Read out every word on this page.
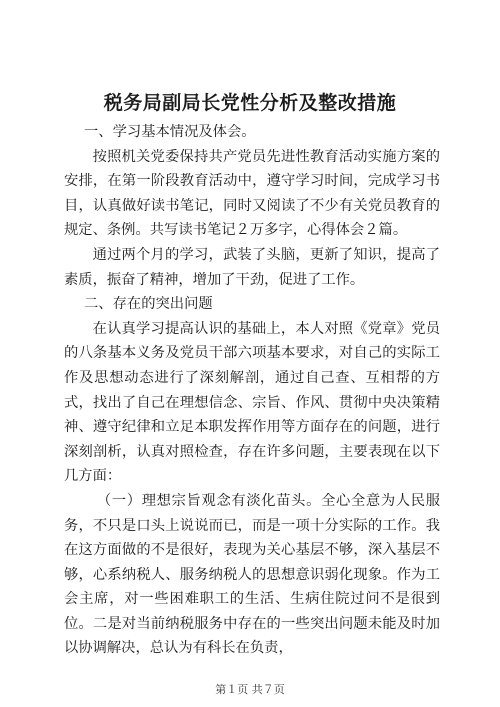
税务局副局长党性分析及整改措施

一、学习基本情况及体会。

按照机关党委保持共产党员先进性教育活动实施方案的安排，在第一阶段教育活动中，遵守学习时间，完成学习书目，认真做好读书笔记，同时又阅读了不少有关党员教育的规定、条例。共写读书笔记２万多字，心得体会２篇。

通过两个月的学习，武装了头脑，更新了知识，提高了素质，振奋了精神，增加了干劲，促进了工作。

二、存在的突出问题

在认真学习提高认识的基础上，本人对照《党章》党员的八条基本义务及党员干部六项基本要求，对自己的实际工作及思想动态进行了深刻解剖，通过自己查、互相帮的方式，找出了自己在理想信念、宗旨、作风、贯彻中央决策精神、遵守纪律和立足本职发挥作用等方面存在的问题，进行深刻剖析，认真对照检查，存在许多问题，主要表现在以下几方面：

（一）理想宗旨观念有淡化苗头。全心全意为人民服务，不只是口头上说说而已，而是一项十分实际的工作。我在这方面做的不是很好，表现为关心基层不够，深入基层不够，心系纳税人、服务纳税人的思想意识弱化现象。作为工会主席，对一些困难职工的生活、生病住院过问不是很到位。二是对当前纳税服务中存在的一些突出问题未能及时加以协调解决，总认为有科长在负责，

第１页 共７页
